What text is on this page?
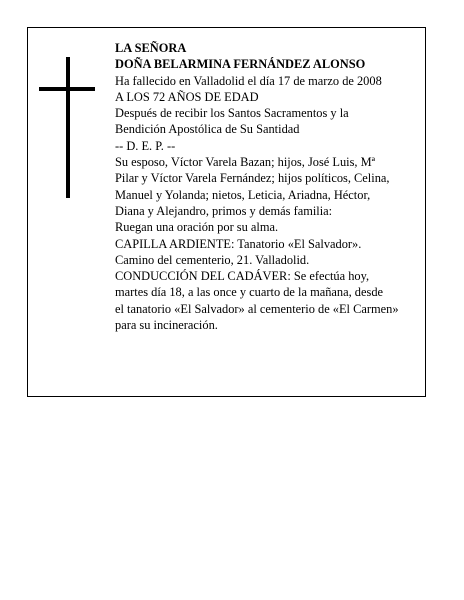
LA SEÑORA
DOÑA BELARMINA FERNÁNDEZ ALONSO
Ha fallecido en Valladolid el día 17 de marzo de 2008
A LOS 72 AÑOS DE EDAD
Después de recibir los Santos Sacramentos y la
Bendición Apostólica de Su Santidad
-- D. E. P. --
Su esposo, Víctor Varela Bazan; hijos, José Luis, Mª
Pilar y Víctor Varela Fernández; hijos políticos, Celina,
Manuel y Yolanda; nietos, Leticia, Ariadna, Héctor,
Diana y Alejandro, primos y demás familia:
Ruegan una oración por su alma.
CAPILLA ARDIENTE: Tanatorio «El Salvador».
Camino del cementerio, 21. Valladolid.
CONDUCCIÓN DEL CADÁVER: Se efectúa hoy,
martes día 18, a las once y cuarto de la mañana, desde
el tanatorio «El Salvador» al cementerio de «El Carmen»
para su incineración.
